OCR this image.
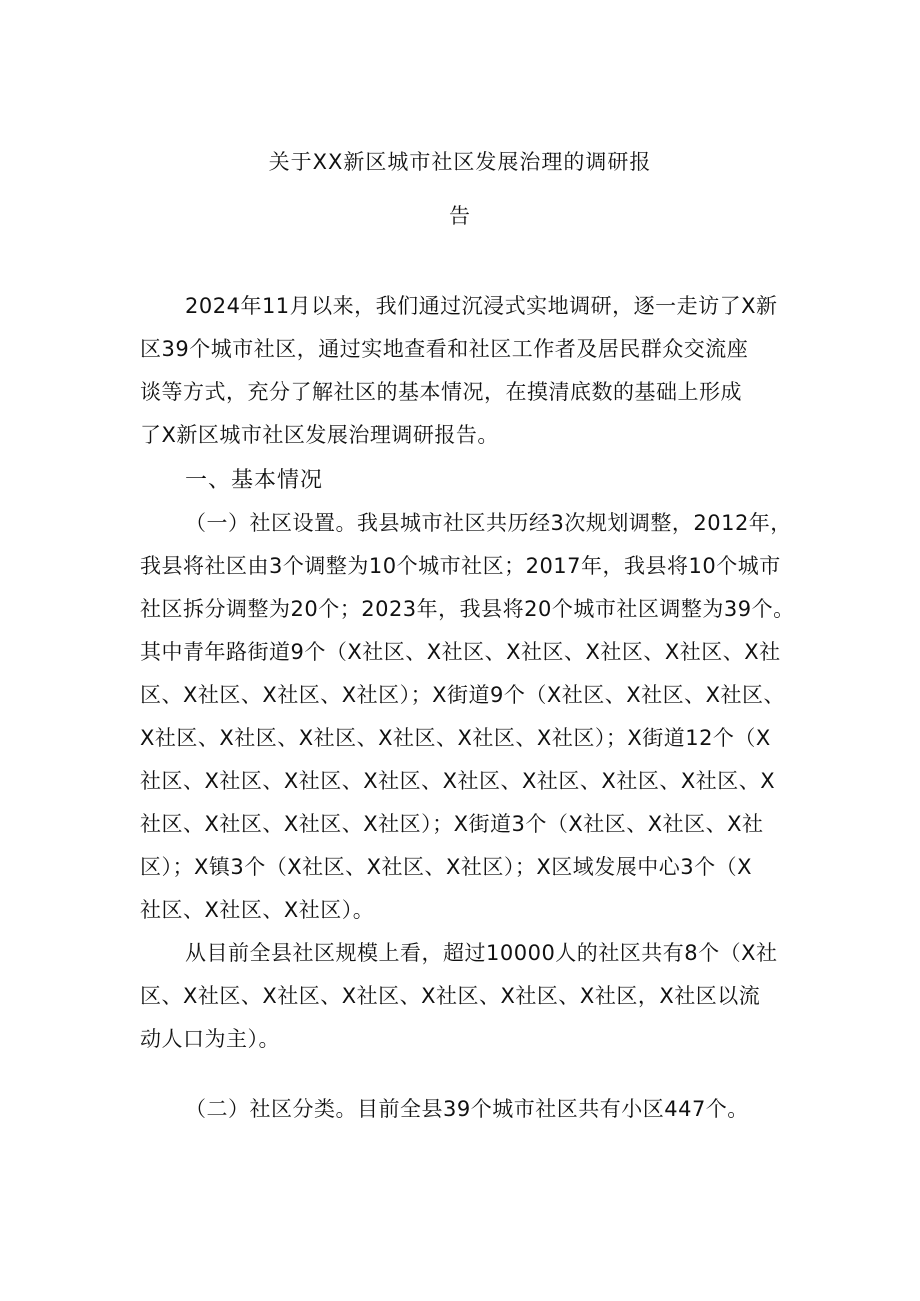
关于XX新区城市社区发展治理的调研报
告
2024年11月以来，我们通过沉浸式实地调研，逐一走访了X新
区39个城市社区，通过实地查看和社区工作者及居民群众交流座
谈等方式，充分了解社区的基本情况，在摸清底数的基础上形成
了X新区城市社区发展治理调研报告。
一、基本情况
（一）社区设置。我县城市社区共历经3次规划调整，2012年，
我县将社区由3个调整为10个城市社区；2017年，我县将10个城市
社区拆分调整为20个；2023年，我县将20个城市社区调整为39个。
其中青年路街道9个（X社区、X社区、X社区、X社区、X社区、X社
区、X社区、X社区、X社区）；X街道9个（X社区、X社区、X社区、
X社区、X社区、X社区、X社区、X社区、X社区）；X街道12个（X
社区、X社区、X社区、X社区、X社区、X社区、X社区、X社区、X
社区、X社区、X社区、X社区）；X街道3个（X社区、X社区、X社
区）；X镇3个（X社区、X社区、X社区）；X区域发展中心3个（X
社区、X社区、X社区）。
从目前全县社区规模上看，超过10000人的社区共有8个（X社
区、X社区、X社区、X社区、X社区、X社区、X社区，X社区以流
动人口为主）。
（二）社区分类。目前全县39个城市社区共有小区447个。
